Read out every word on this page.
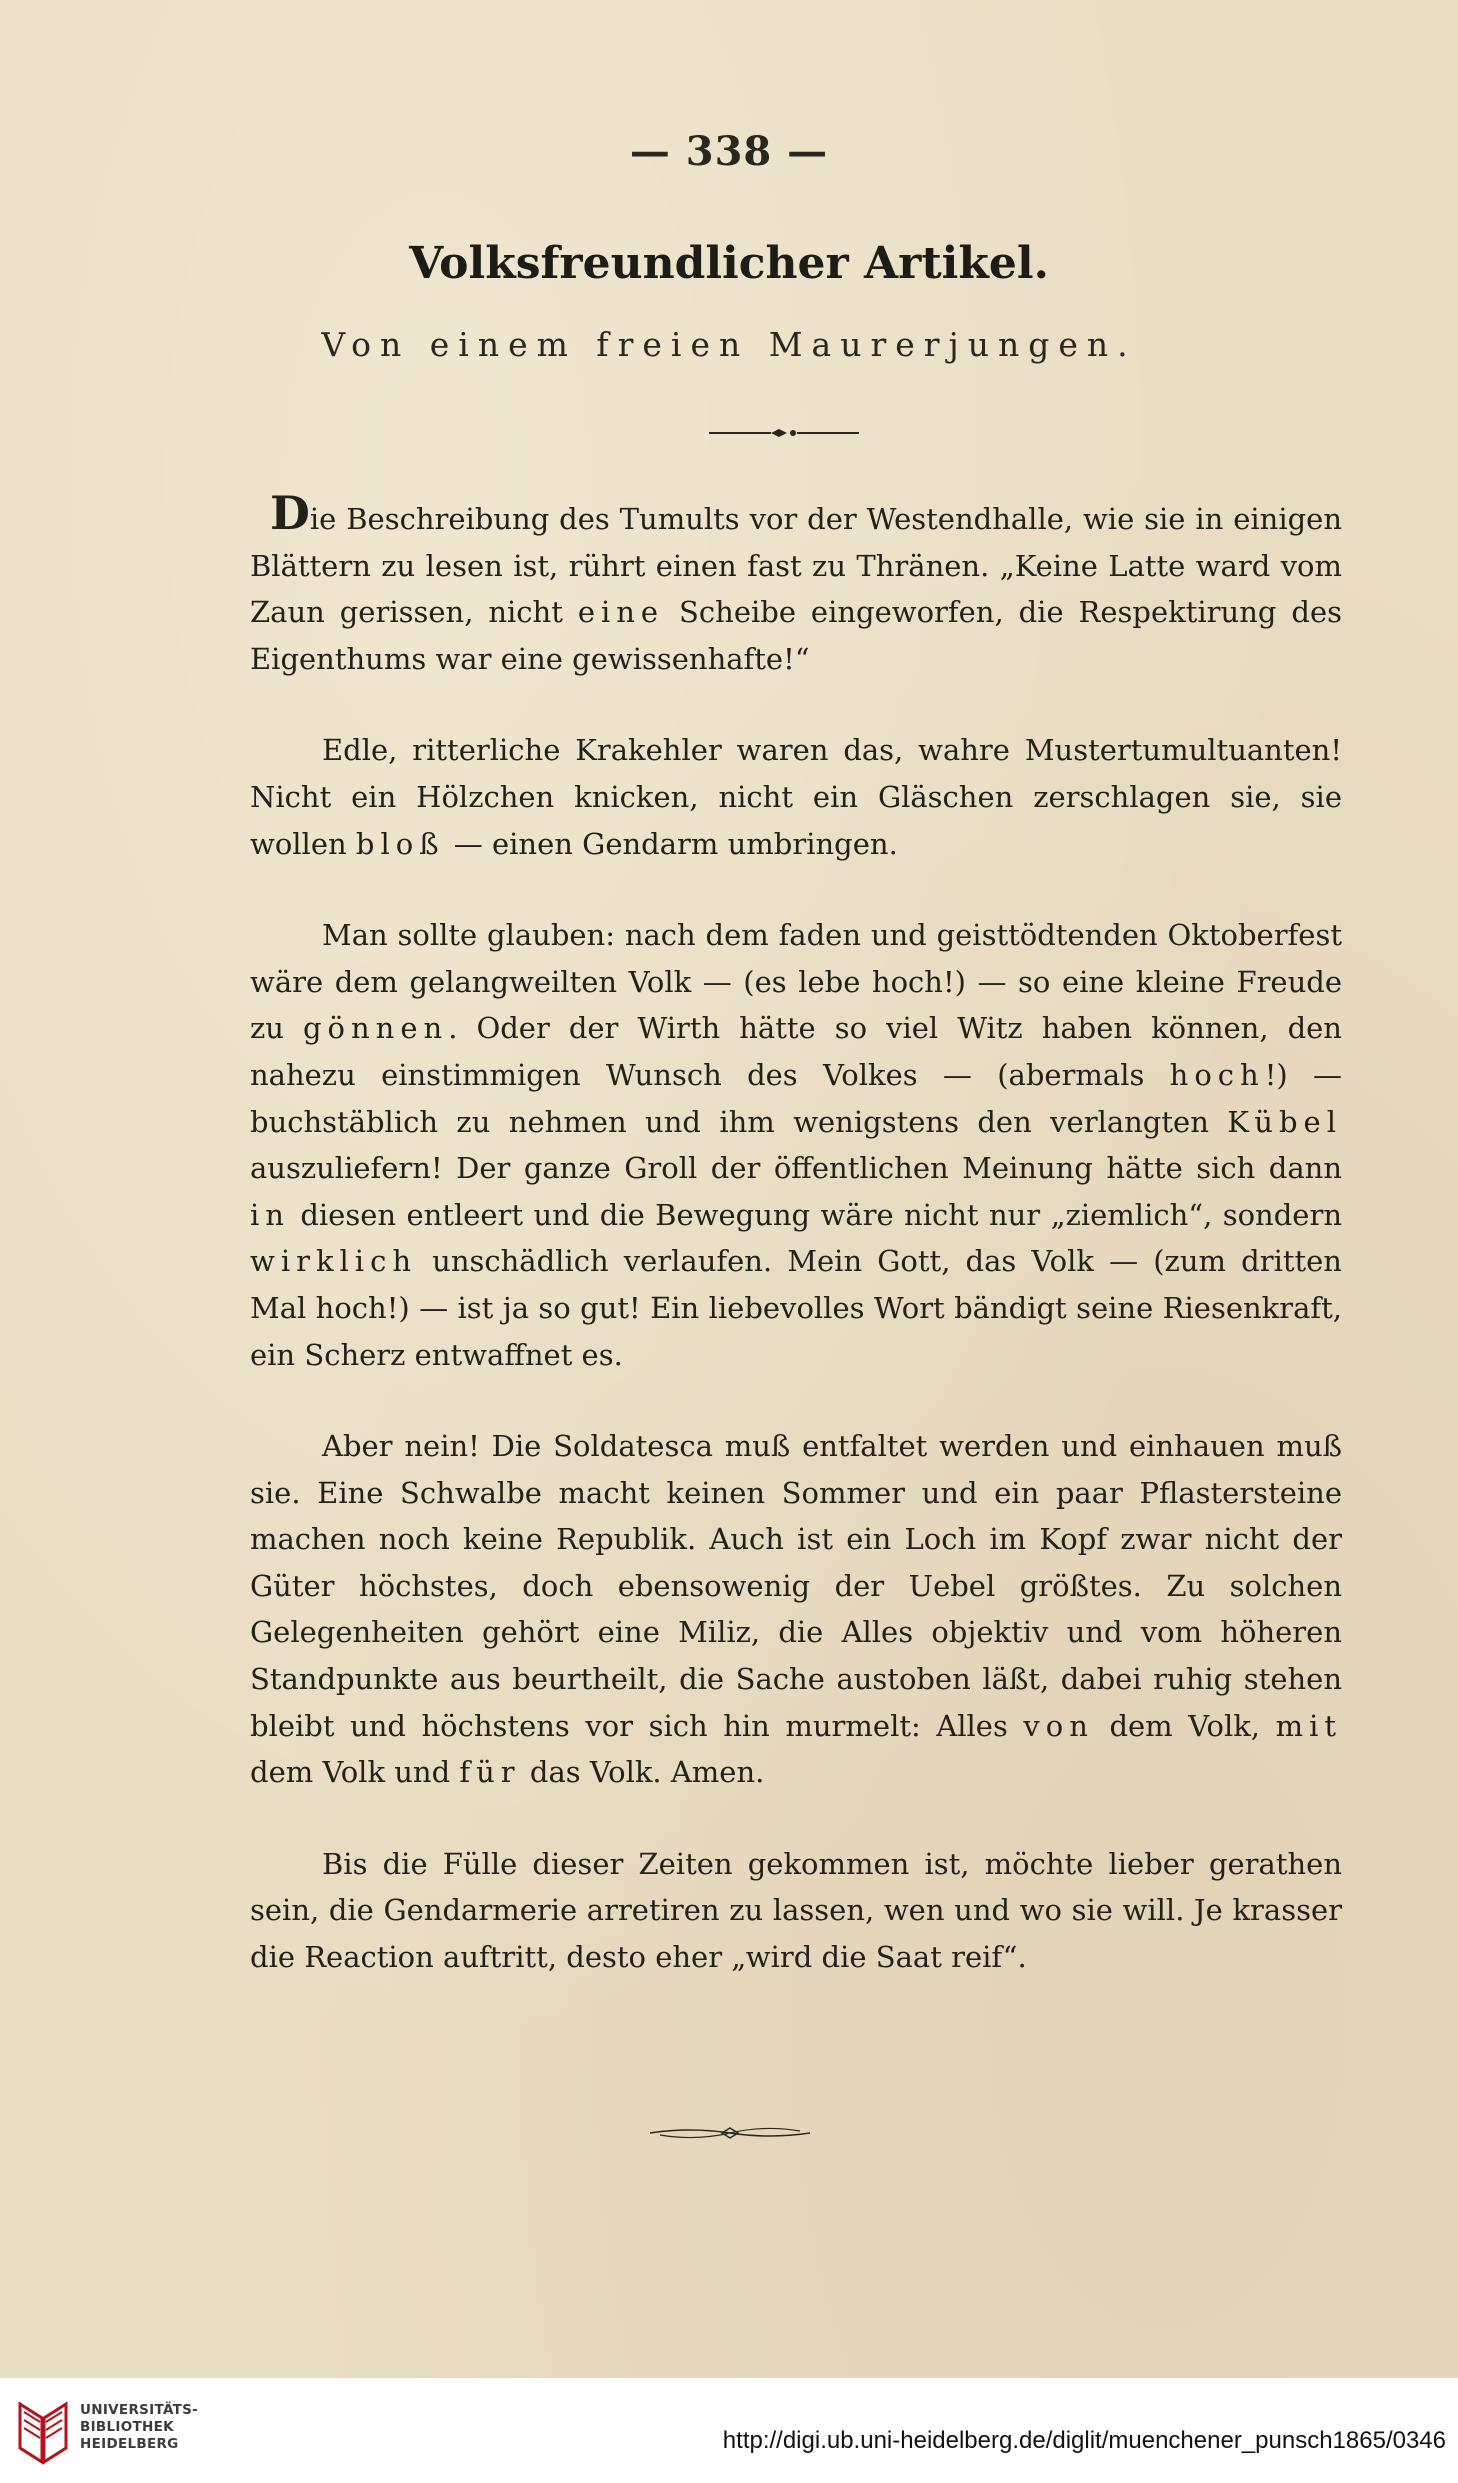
— 338 —
Volksfreundlicher Artikel.
Von einem freien Maurerjungen.

Die Beschreibung des Tumults vor der Westendhalle, wie sie in einigen Blättern zu lesen ist, rührt einen fast zu Thränen. „Keine Latte ward vom Zaun gerissen, nicht eine Scheibe eingeworfen, die Respektirung des Eigenthums war eine gewissenhafte!“

Edle, ritterliche Krakehler waren das, wahre Mustertumultuanten! Nicht ein Hölzchen knicken, nicht ein Gläschen zerschlagen sie, sie wollen bloß — einen Gendarm umbringen.

Man sollte glauben: nach dem faden und geisttödtenden Oktoberfest wäre dem gelangweilten Volk — (es lebe hoch!) — so eine kleine Freude zu gönnen. Oder der Wirth hätte so viel Witz haben können, den nahezu einstimmigen Wunsch des Volkes — (abermals hoch!) — buchstäblich zu nehmen und ihm wenigstens den verlangten Kübel auszuliefern! Der ganze Groll der öffentlichen Meinung hätte sich dann in diesen entleert und die Bewegung wäre nicht nur „ziemlich“, sondern wirklich unschädlich verlaufen. Mein Gott, das Volk — (zum dritten Mal hoch!) — ist ja so gut! Ein liebevolles Wort bändigt seine Riesenkraft, ein Scherz entwaffnet es.

Aber nein! Die Soldatesca muß entfaltet werden und einhauen muß sie. Eine Schwalbe macht keinen Sommer und ein paar Pflastersteine machen noch keine Republik. Auch ist ein Loch im Kopf zwar nicht der Güter höchstes, doch ebensowenig der Uebel größtes. Zu solchen Gelegenheiten gehört eine Miliz, die Alles objektiv und vom höheren Standpunkte aus beurtheilt, die Sache austoben läßt, dabei ruhig stehen bleibt und höchstens vor sich hin murmelt: Alles von dem Volk, mit dem Volk und für das Volk. Amen.

Bis die Fülle dieser Zeiten gekommen ist, möchte lieber gerathen sein, die Gendarmerie arretiren zu lassen, wen und wo sie will. Je krasser die Reaction auftritt, desto eher „wird die Saat reif“.

UNIVERSITÄTS-
BIBLIOTHEK
HEIDELBERG	http://digi.ub.uni-heidelberg.de/diglit/muenchener_punsch1865/0346
